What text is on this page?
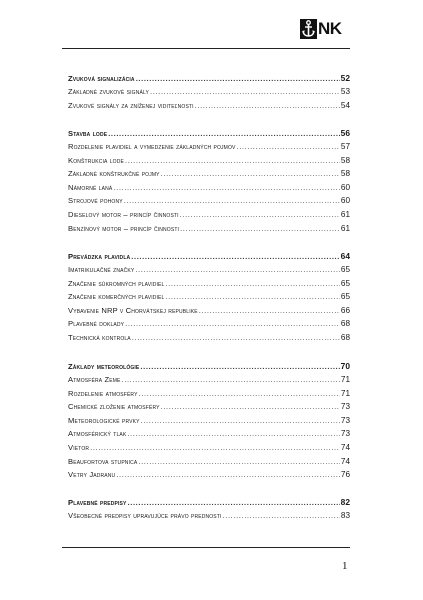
NK
Zvuková signalizácia .....	52
Základné zvukové signály .....	53
Zvukové signály za zníženej viditeľnosti .....	54
Stavba lode .....	56
Rozdelenie plavidiel a vymedzenie základných pojmov .....	57
Konštrukcia lode .....	58
Základné konštrukčné pojmy .....	58
Námorné laná .....	60
Strojové pohony .....	60
Dieselový motor – princíp činnosti .....	61
Benzínový motor – princíp činnosti .....	61
Prevádzka plavidla .....	64
Imatrikulačné značky .....	65
Značenie súkromných plavidiel .....	65
Značenie komerčných plavidiel .....	65
Vybavenie NRP v Chorvátskej republike .....	66
Plavebné doklady .....	68
Technická kontrola .....	68
Základy meteorológie .....	70
Atmosféra Zeme .....	71
Rozdelenie atmosféry .....	71
Chemické zloženie atmosféry .....	73
Meteorologické prvky .....	73
Atmosférický tlak .....	73
Vietor .....	74
Beaufortova stupnica .....	74
Vetry Jadranu .....	76
Plavebné predpisy .....	82
Všeobecné predpisy upravujúce právo prednosti .....	83
1
